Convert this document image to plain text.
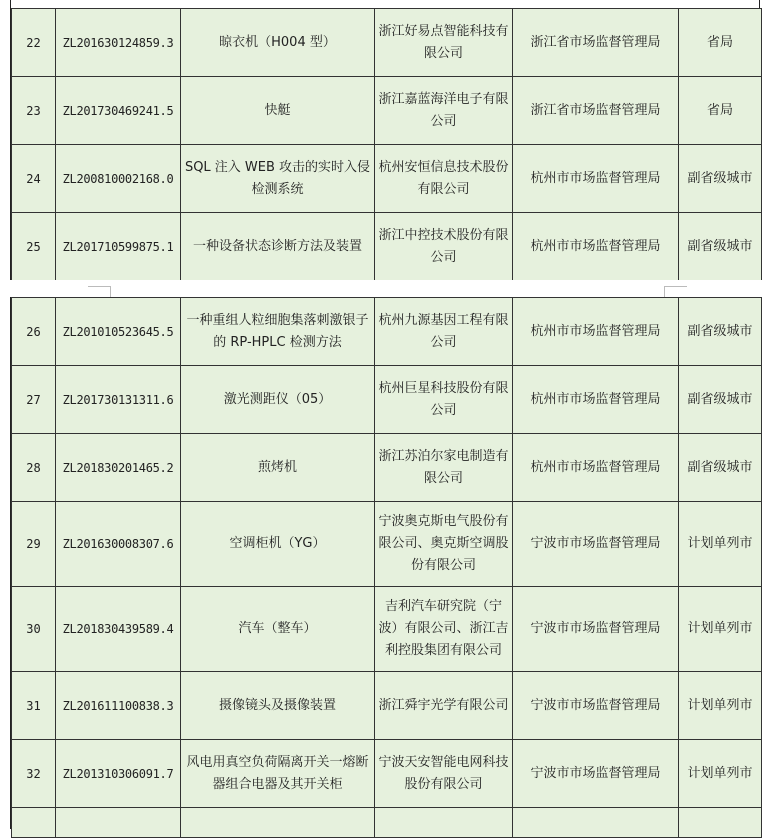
22	ZL201630124859.3	晾衣机（H004 型）	浙江好易点智能科技有限公司	浙江省市场监督管理局	省局
23	ZL201730469241.5	快艇	浙江嘉蓝海洋电子有限公司	浙江省市场监督管理局	省局
24	ZL200810002168.0	SQL 注入 WEB 攻击的实时入侵检测系统	杭州安恒信息技术股份有限公司	杭州市市场监督管理局	副省级城市
25	ZL201710599875.1	一种设备状态诊断方法及装置	浙江中控技术股份有限公司	杭州市市场监督管理局	副省级城市
26	ZL201010523645.5	一种重组人粒细胞集落刺激银子的 RP-HPLC 检测方法	杭州九源基因工程有限公司	杭州市市场监督管理局	副省级城市
27	ZL201730131311.6	激光测距仪（05）	杭州巨星科技股份有限公司	杭州市市场监督管理局	副省级城市
28	ZL201830201465.2	煎烤机	浙江苏泊尔家电制造有限公司	杭州市市场监督管理局	副省级城市
29	ZL201630008307.6	空调柜机（YG）	宁波奥克斯电气股份有限公司、奥克斯空调股份有限公司	宁波市市场监督管理局	计划单列市
30	ZL201830439589.4	汽车（整车）	吉利汽车研究院（宁波）有限公司、浙江吉利控股集团有限公司	宁波市市场监督管理局	计划单列市
31	ZL201611100838.3	摄像镜头及摄像装置	浙江舜宇光学有限公司	宁波市市场监督管理局	计划单列市
32	ZL201310306091.7	风电用真空负荷隔离开关一熔断器组合电器及其开关柜	宁波天安智能电网科技股份有限公司	宁波市市场监督管理局	计划单列市
